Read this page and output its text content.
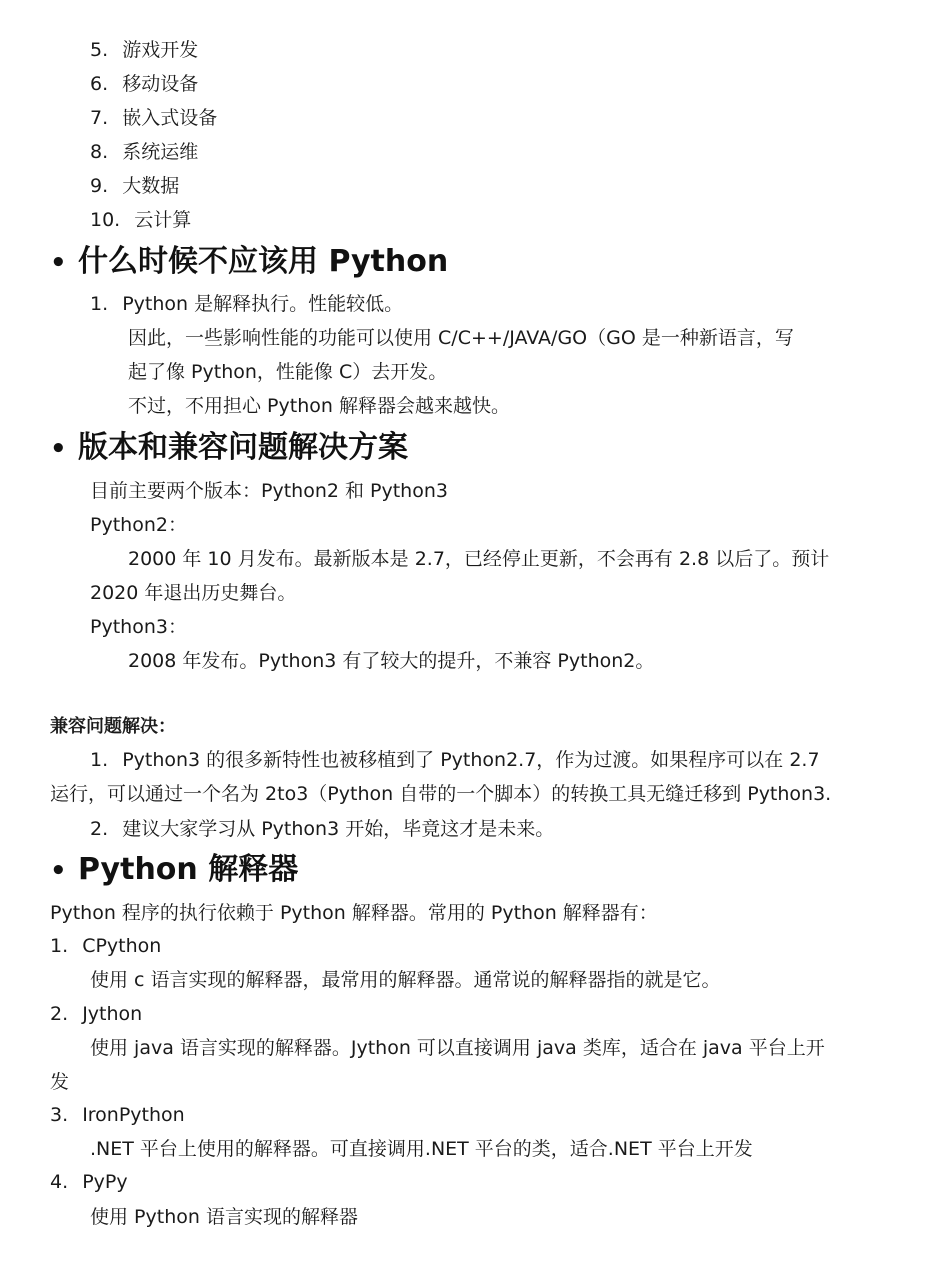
5. 游戏开发
6. 移动设备
7. 嵌入式设备
8. 系统运维
9. 大数据
10. 云计算
• 什么时候不应该用 Python
1. Python 是解释执行。性能较低。
因此，一些影响性能的功能可以使用 C/C++/JAVA/GO（GO 是一种新语言，写
起了像 Python，性能像 C）去开发。
不过，不用担心 Python 解释器会越来越快。
• 版本和兼容问题解决方案
目前主要两个版本：Python2 和 Python3
Python2：
2000 年 10 月发布。最新版本是 2.7，已经停止更新，不会再有 2.8 以后了。预计
2020 年退出历史舞台。
Python3：
2008 年发布。Python3 有了较大的提升，不兼容 Python2。
兼容问题解决：
1. Python3 的很多新特性也被移植到了 Python2.7，作为过渡。如果程序可以在 2.7
运行，可以通过一个名为 2to3（Python 自带的一个脚本）的转换工具无缝迁移到 Python3.
2. 建议大家学习从 Python3 开始，毕竟这才是未来。
• Python 解释器
Python 程序的执行依赖于 Python 解释器。常用的 Python 解释器有：
1. CPython
使用 c 语言实现的解释器，最常用的解释器。通常说的解释器指的就是它。
2. Jython
使用 java 语言实现的解释器。Jython 可以直接调用 java 类库，适合在 java 平台上开
发
3. IronPython
.NET 平台上使用的解释器。可直接调用.NET 平台的类，适合.NET 平台上开发
4. PyPy
使用 Python 语言实现的解释器
